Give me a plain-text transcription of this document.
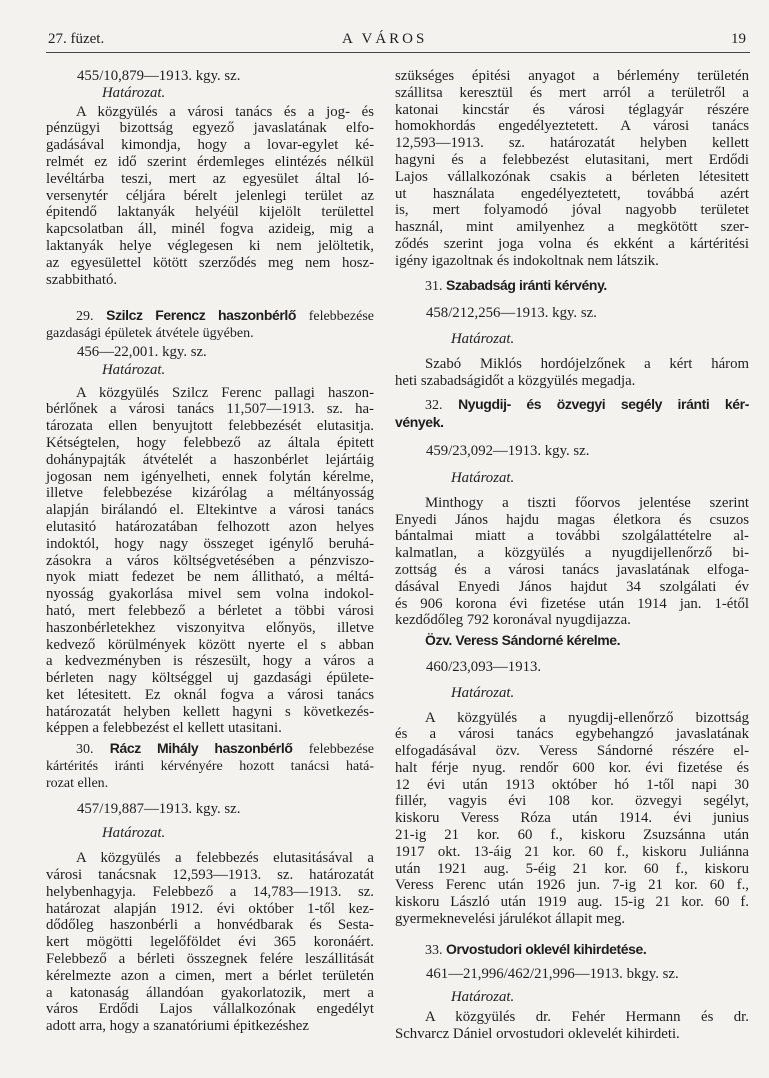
27. füzet.	A VÁROS	19
455/10,879—1913. kgy. sz.
Határozat.
A közgyülés a városi tanács és a jog- és
pénzügyi bizottság egyező javaslatának elfo-
gadásával kimondja, hogy a lovar-egylet ké-
relmét ez idő szerint érdemleges elintézés nélkül
levéltárba teszi, mert az egyesület által ló-
versenytér céljára bérelt jelenlegi terület az
épitendő laktanyák helyéül kijelölt területtel
kapcsolatban áll, minél fogva azideig, mig a
laktanyák helye véglegesen ki nem jelöltetik,
az egyesülettel kötött szerződés meg nem hosz-
szabbitható.
29. Szilcz Ferencz haszonbérlő felebbezése
gazdasági épületek átvétele ügyében.
456—22,001. kgy. sz.
Határozat.
A közgyülés Szilcz Ferenc pallagi haszon-
bérlőnek a városi tanács 11,507—1913. sz. ha-
tározata ellen benyujtott felebbezését elutasitja.
Kétségtelen, hogy felebbező az általa épitett
dohánypajták átvételét a haszonbérlet lejártáig
jogosan nem igényelheti, ennek folytán kérelme,
illetve felebbezése kizárólag a méltányosság
alapján birálandó el. Eltekintve a városi tanács
elutasitó határozatában felhozott azon helyes
indoktól, hogy nagy összeget igénylő beruhá-
zásokra a város költségvetésében a pénzviszo-
nyok miatt fedezet be nem állitható, a méltá-
nyosság gyakorlása mivel sem volna indokol-
ható, mert felebbező a bérletet a többi városi
haszonbérletekhez viszonyitva előnyös, illetve
kedvező körülmények között nyerte el s abban
a kedvezményben is részesült, hogy a város a
bérleten nagy költséggel uj gazdasági épülete-
ket létesitett. Ez oknál fogva a városi tanács
határozatát helyben kellett hagyni s következés-
képpen a felebbezést el kellett utasitani.
30. Rácz Mihály haszonbérlő felebbezése
kártérités iránti kérvényére hozott tanácsi hatá-
rozat ellen.
457/19,887—1913. kgy. sz.
Határozat.
A közgyülés a felebbezés elutasitásával a
városi tanácsnak 12,593—1913. sz. határozatát
helybenhagyja. Felebbező a 14,783—1913. sz.
határozat alapján 1912. évi október 1-től kez-
dődőleg haszonbérli a honvédbarak és Sesta-
kert mögötti legelőföldet évi 365 koronáért.
Felebbező a bérleti összegnek felére leszállitását
kérelmezte azon a cimen, mert a bérlet területén
a katonaság állandóan gyakorlatozik, mert a
város Erdődi Lajos vállalkozónak engedélyt
adott arra, hogy a szanatóriumi épitkezéshez
szükséges épitési anyagot a bérlemény területén
szállitsa keresztül és mert arról a területről a
katonai kincstár és városi téglagyár részére
homokhordás engedélyeztetett. A városi tanács
12,593—1913. sz. határozatát helyben kellett
hagyni és a felebbezést elutasitani, mert Erdődi
Lajos vállalkozónak csakis a bérleten létesitett
ut használata engedélyeztetett, továbbá azért
is, mert folyamodó jóval nagyobb területet
használ, mint amilyenhez a megkötött szer-
ződés szerint joga volna és ekként a kártéritési
igény igazoltnak és indokoltnak nem látszik.
31. Szabadság iránti kérvény.
458/212,256—1913. kgy. sz.
Határozat.
Szabó Miklós hordójelzőnek a kért három
heti szabadságidőt a közgyülés megadja.
32. Nyugdij- és özvegyi segély iránti kér-
vények.
459/23,092—1913. kgy. sz.
Határozat.
Minthogy a tiszti főorvos jelentése szerint
Enyedi János hajdu magas életkora és csuzos
bántalmai miatt a további szolgálattételre al-
kalmatlan, a közgyülés a nyugdijellenőrző bi-
zottság és a városi tanács javaslatának elfoga-
dásával Enyedi János hajdut 34 szolgálati év
és 906 korona évi fizetése után 1914 jan. 1-étől
kezdődőleg 792 koronával nyugdijazza.
Özv. Veress Sándorné kérelme.
460/23,093—1913.
Határozat.
A közgyülés a nyugdij-ellenőrző bizottság
és a városi tanács egybehangzó javaslatának
elfogadásával özv. Veress Sándorné részére el-
halt férje nyug. rendőr 600 kor. évi fizetése és
12 évi után 1913 október hó 1-től napi 30
fillér, vagyis évi 108 kor. özvegyi segélyt,
kiskoru Veress Róza után 1914. évi junius
21-ig 21 kor. 60 f., kiskoru Zsuzsánna után
1917 okt. 13-áig 21 kor. 60 f., kiskoru Juliánna
után 1921 aug. 5-éig 21 kor. 60 f., kiskoru
Veress Ferenc után 1926 jun. 7-ig 21 kor. 60 f.,
kiskoru László után 1919 aug. 15-ig 21 kor. 60 f.
gyermeknevelési járulékot állapit meg.
33. Orvostudori oklevél kihirdetése.
461—21,996/462/21,996—1913. bkgy. sz.
Határozat.
A közgyülés dr. Fehér Hermann és dr.
Schvarcz Dániel orvostudori oklevelét kihirdeti.
